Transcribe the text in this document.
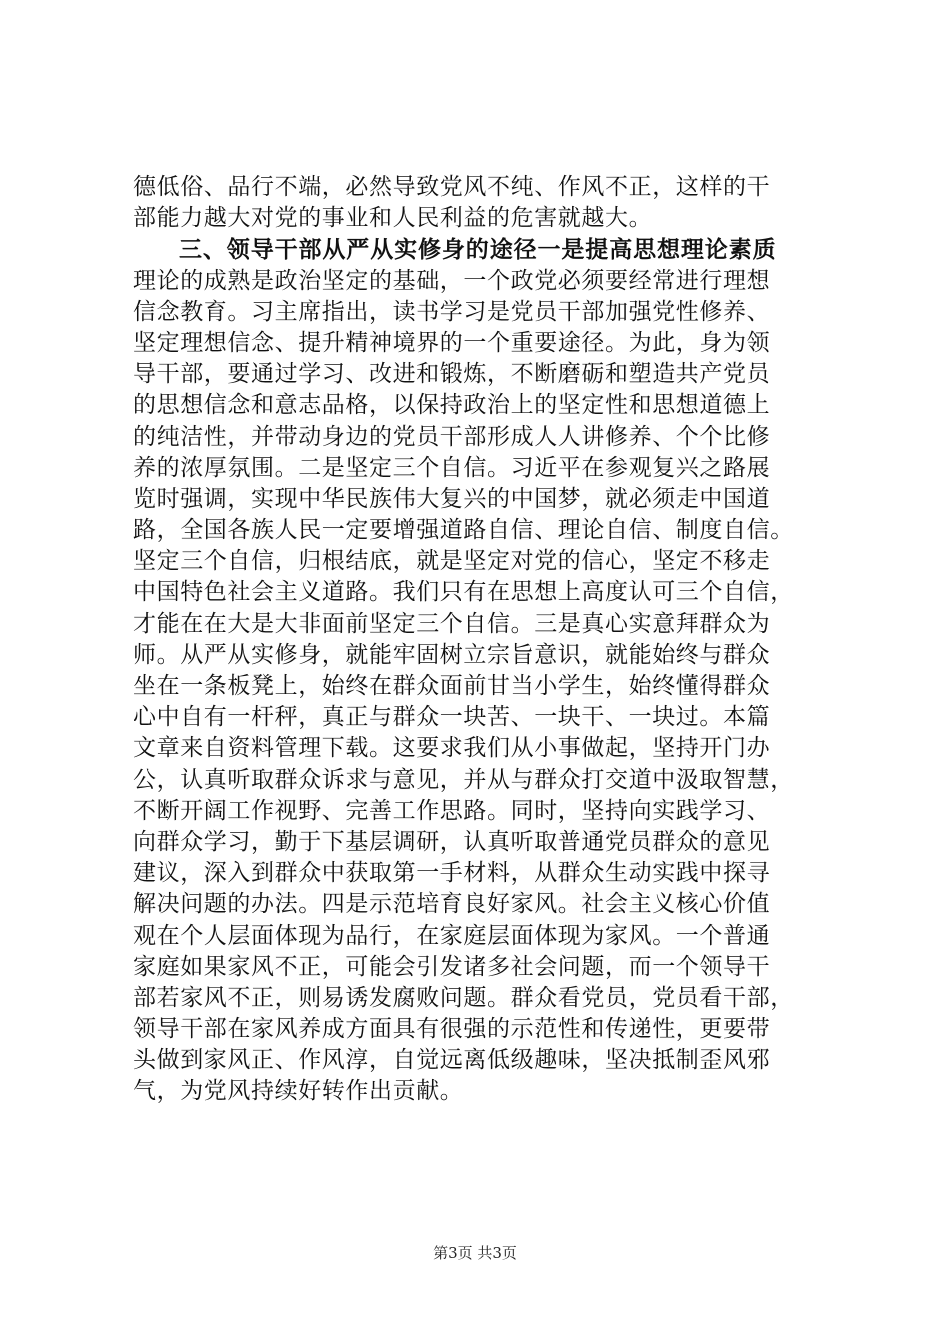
德低俗、品行不端，必然导致党风不纯、作风不正，这样的干
部能力越大对党的事业和人民利益的危害就越大。
三、领导干部从严从实修身的途径一是提高思想理论素质
理论的成熟是政治坚定的基础，一个政党必须要经常进行理想
信念教育。习主席指出，读书学习是党员干部加强党性修养、
坚定理想信念、提升精神境界的一个重要途径。为此，身为领
导干部，要通过学习、改进和锻炼，不断磨砺和塑造共产党员
的思想信念和意志品格，以保持政治上的坚定性和思想道德上
的纯洁性，并带动身边的党员干部形成人人讲修养、个个比修
养的浓厚氛围。二是坚定三个自信。习近平在参观复兴之路展
览时强调，实现中华民族伟大复兴的中国梦，就必须走中国道
路，全国各族人民一定要增强道路自信、理论自信、制度自信。
坚定三个自信，归根结底，就是坚定对党的信心，坚定不移走
中国特色社会主义道路。我们只有在思想上高度认可三个自信，
才能在在大是大非面前坚定三个自信。三是真心实意拜群众为
师。从严从实修身，就能牢固树立宗旨意识，就能始终与群众
坐在一条板凳上，始终在群众面前甘当小学生，始终懂得群众
心中自有一杆秤，真正与群众一块苦、一块干、一块过。本篇
文章来自资料管理下载。这要求我们从小事做起，坚持开门办
公，认真听取群众诉求与意见，并从与群众打交道中汲取智慧，
不断开阔工作视野、完善工作思路。同时，坚持向实践学习、
向群众学习，勤于下基层调研，认真听取普通党员群众的意见
建议，深入到群众中获取第一手材料，从群众生动实践中探寻
解决问题的办法。四是示范培育良好家风。社会主义核心价值
观在个人层面体现为品行，在家庭层面体现为家风。一个普通
家庭如果家风不正，可能会引发诸多社会问题，而一个领导干
部若家风不正，则易诱发腐败问题。群众看党员，党员看干部，
领导干部在家风养成方面具有很强的示范性和传递性，更要带
头做到家风正、作风淳，自觉远离低级趣味，坚决抵制歪风邪
气，为党风持续好转作出贡献。
第3页 共3页
